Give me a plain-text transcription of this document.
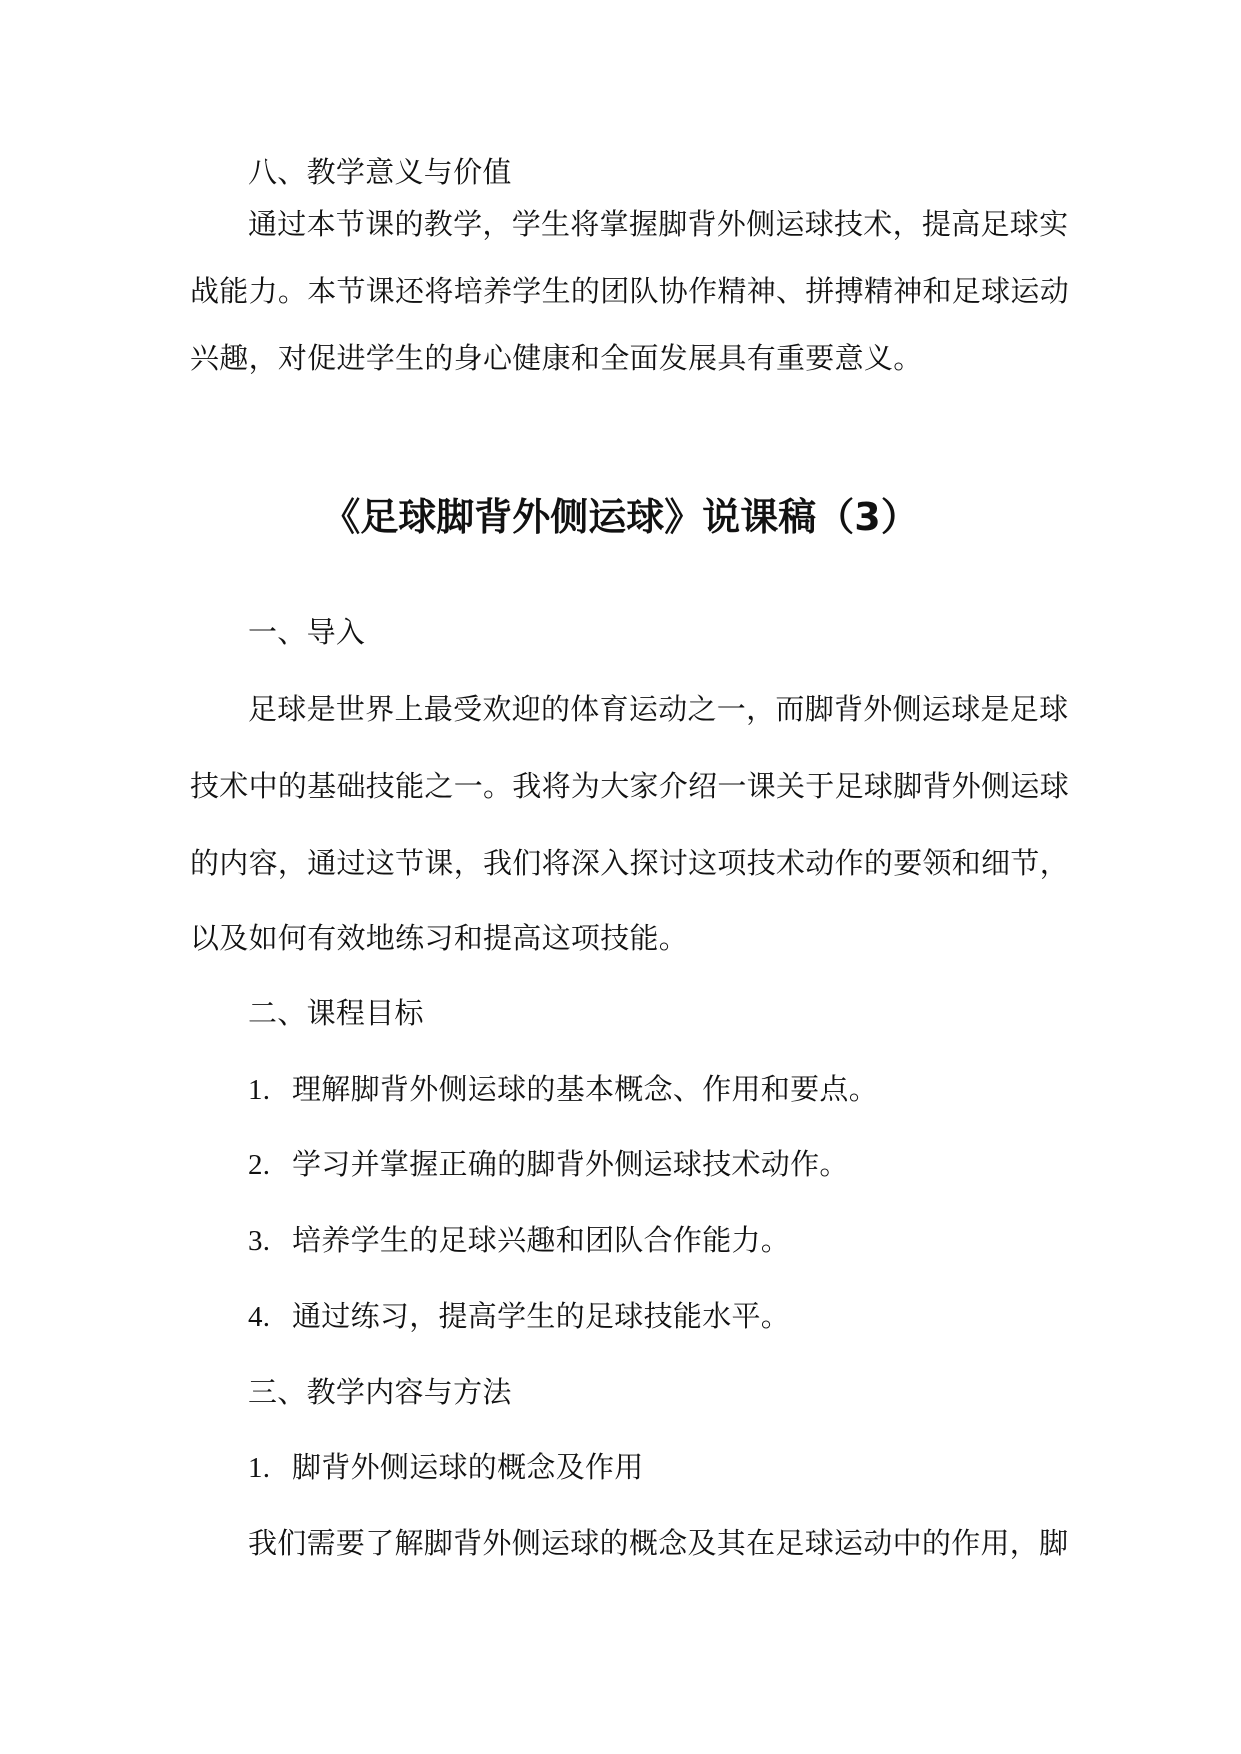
八、教学意义与价值
通过本节课的教学，学生将掌握脚背外侧运球技术，提高足球实
战能力。本节课还将培养学生的团队协作精神、拼搏精神和足球运动
兴趣，对促进学生的身心健康和全面发展具有重要意义。
《足球脚背外侧运球》说课稿（3）
一、导入
足球是世界上最受欢迎的体育运动之一，而脚背外侧运球是足球
技术中的基础技能之一。我将为大家介绍一课关于足球脚背外侧运球
的内容，通过这节课，我们将深入探讨这项技术动作的要领和细节，
以及如何有效地练习和提高这项技能。
二、课程目标
1. 理解脚背外侧运球的基本概念、作用和要点。
2. 学习并掌握正确的脚背外侧运球技术动作。
3. 培养学生的足球兴趣和团队合作能力。
4. 通过练习，提高学生的足球技能水平。
三、教学内容与方法
1. 脚背外侧运球的概念及作用
我们需要了解脚背外侧运球的概念及其在足球运动中的作用，脚
